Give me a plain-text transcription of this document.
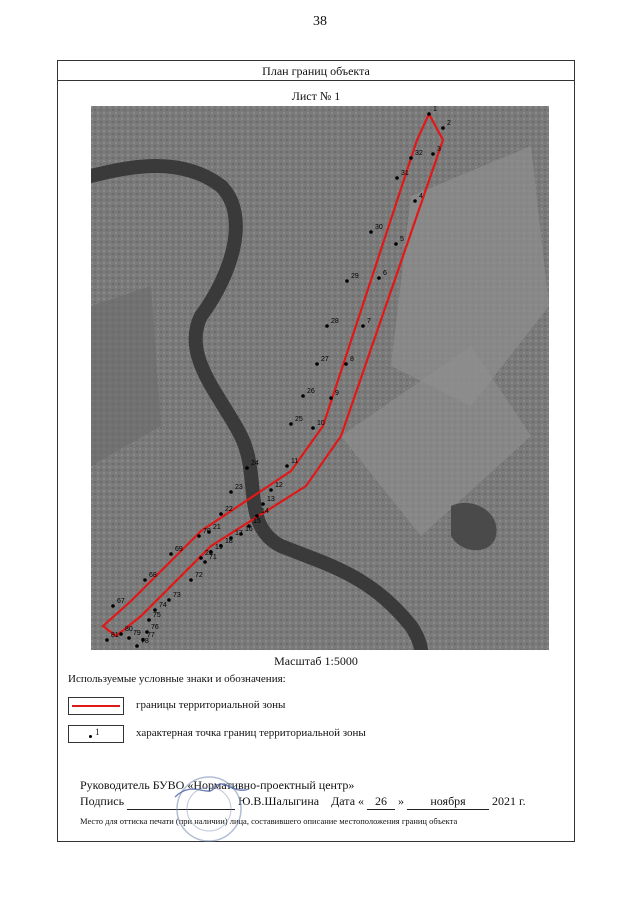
38
План границ объекта
Лист № 1
1
2
3
4
5
6
7
8
9
10
11
12
13
14
15
16
17
18
19
20
21
22
23
24
25
26
27
28
29
30
31
32
67
68
69
70
71
72
73
74
75
76
77
78
79
80
81
Масштаб 1:5000
Используемые условные знаки и обозначения:
границы территориальной зоны
1	характерная точка границ территориальной зоны
Руководитель БУВО «Нормативно-проектный центр»
Подпись	Ю.В.Шалыгина Дата « 26 » ноября 2021 г.
Место для оттиска печати (при наличии) лица, составившего описание местоположения границ объекта
